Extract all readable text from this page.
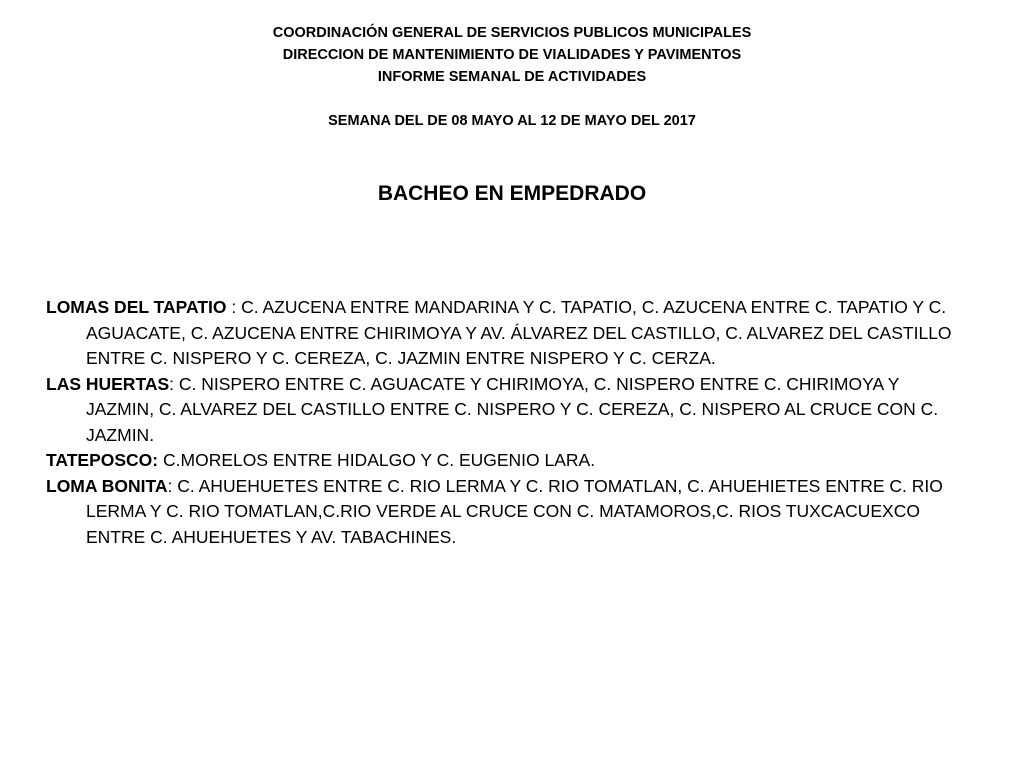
COORDINACIÓN GENERAL DE SERVICIOS PUBLICOS MUNICIPALES
DIRECCION DE MANTENIMIENTO DE VIALIDADES Y PAVIMENTOS
INFORME SEMANAL DE ACTIVIDADES
SEMANA DEL DE 08 MAYO AL 12 DE MAYO DEL 2017
BACHEO EN EMPEDRADO

LOMAS DEL TAPATIO : C. AZUCENA ENTRE MANDARINA Y C. TAPATIO, C. AZUCENA ENTRE C. TAPATIO Y C. AGUACATE, C. AZUCENA ENTRE CHIRIMOYA Y AV. ÁLVAREZ DEL CASTILLO, C. ALVAREZ DEL CASTILLO ENTRE C. NISPERO Y C. CEREZA, C. JAZMIN ENTRE NISPERO Y C. CERZA.

LAS HUERTAS: C. NISPERO ENTRE C. AGUACATE Y CHIRIMOYA, C. NISPERO ENTRE C. CHIRIMOYA Y JAZMIN, C. ALVAREZ DEL CASTILLO ENTRE C. NISPERO Y C. CEREZA, C. NISPERO AL CRUCE CON C. JAZMIN.

TATEPOSCO: C.MORELOS ENTRE HIDALGO Y C. EUGENIO LARA.

LOMA BONITA: C. AHUEHUETES ENTRE C. RIO LERMA Y C. RIO TOMATLAN, C. AHUEHIETES ENTRE C. RIO LERMA Y C. RIO TOMATLAN,C.RIO VERDE AL CRUCE CON C. MATAMOROS,C. RIOS TUXCACUEXCO ENTRE C. AHUEHUETES Y AV. TABACHINES.
